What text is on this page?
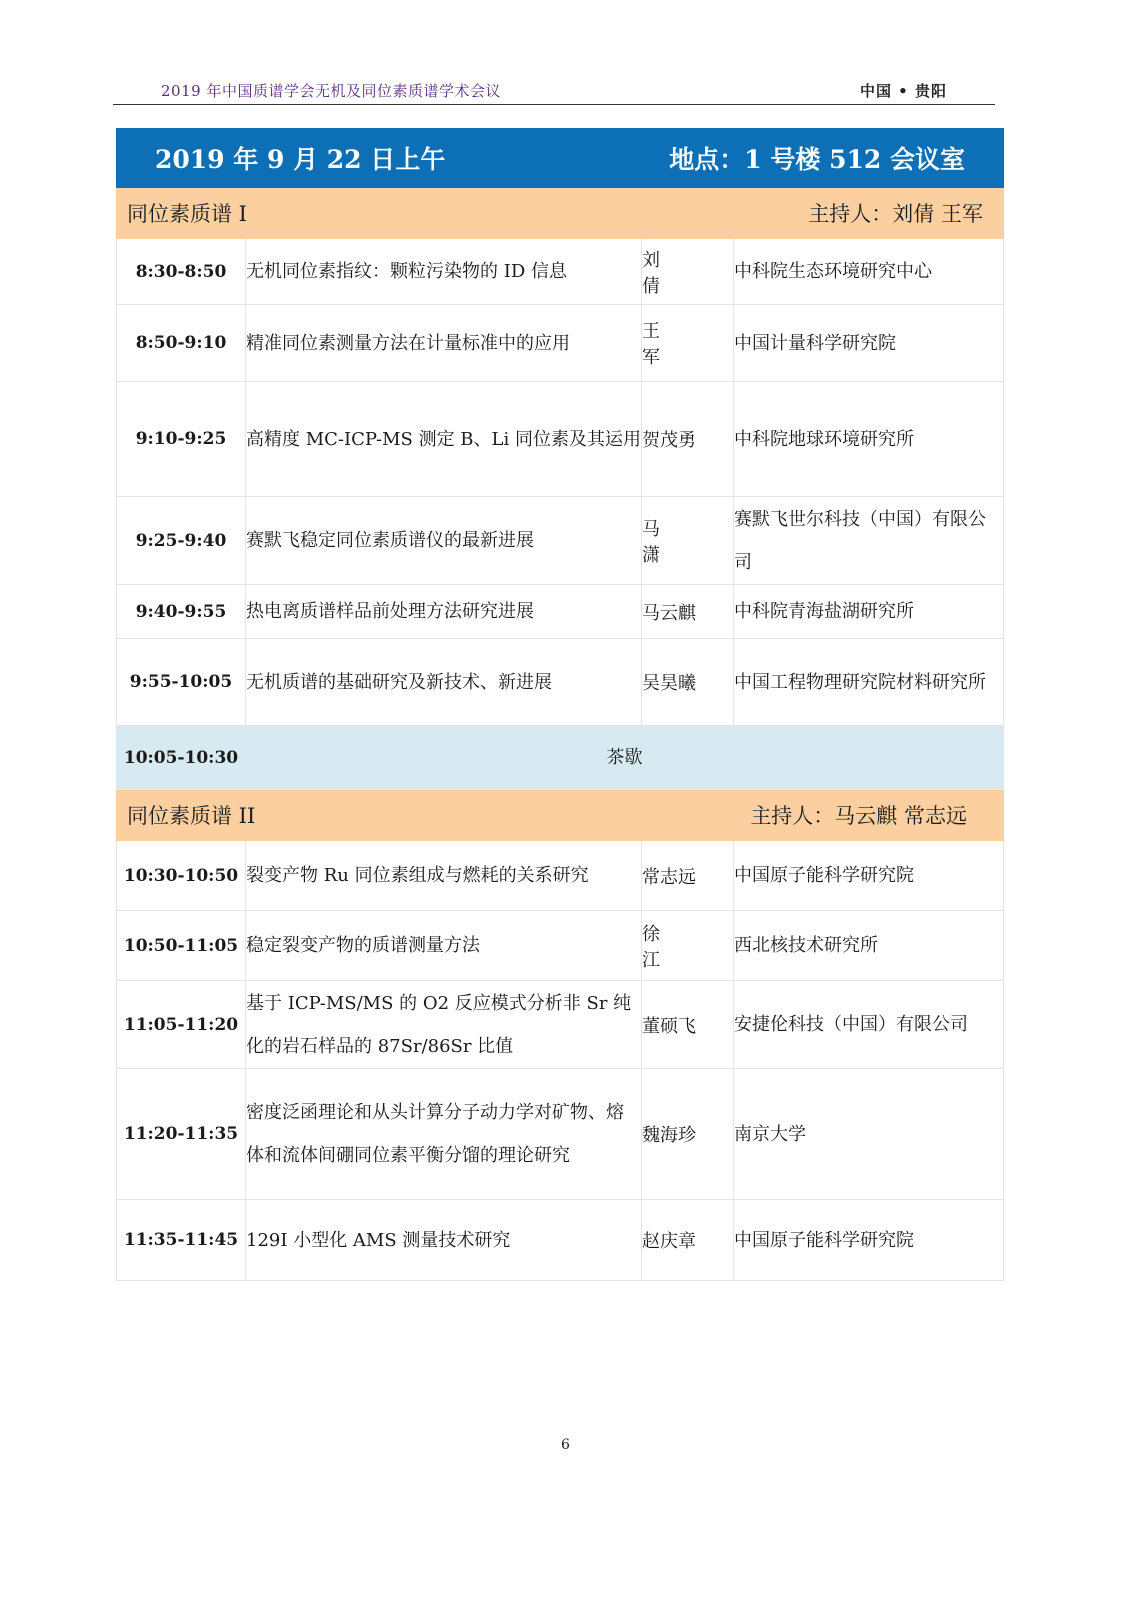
2019 年中国质谱学会无机及同位素质谱学术会议	中国 • 贵阳
2019 年 9 月 22 日上午 地点：1 号楼 512 会议室			

同位素质谱 I 主持人：刘倩 王军			

8:30-8:50	无机同位素指纹：颗粒污染物的 ID 信息	刘 倩	中科院生态环境研究中心
8:50-9:10	精准同位素测量方法在计量标准中的应用	王 军	中国计量科学研究院
9:10-9:25	高精度 MC-ICP-MS 测定 B、Li 同位素及其运用	贺茂勇	中科院地球环境研究所
9:25-9:40	赛默飞稳定同位素质谱仪的最新进展	马 潇	赛默飞世尔科技（中国）有限公司
9:40-9:55	热电离质谱样品前处理方法研究进展	马云麒	中科院青海盐湖研究所
9:55-10:05	无机质谱的基础研究及新技术、新进展	吴昊曦	中国工程物理研究院材料研究所
10:05-10:30	茶歇		

同位素质谱 II 主持人：马云麒 常志远			

10:30-10:50	裂变产物 Ru 同位素组成与燃耗的关系研究	常志远	中国原子能科学研究院
10:50-11:05	稳定裂变产物的质谱测量方法	徐 江	西北核技术研究所
11:05-11:20	基于 ICP-MS/MS 的 O2 反应模式分析非 Sr 纯化的岩石样品的 87Sr/86Sr 比值	董硕飞	安捷伦科技（中国）有限公司
11:20-11:35	密度泛函理论和从头计算分子动力学对矿物、熔体和流体间硼同位素平衡分馏的理论研究	魏海珍	南京大学
11:35-11:45	129I 小型化 AMS 测量技术研究	赵庆章	中国原子能科学研究院
6
